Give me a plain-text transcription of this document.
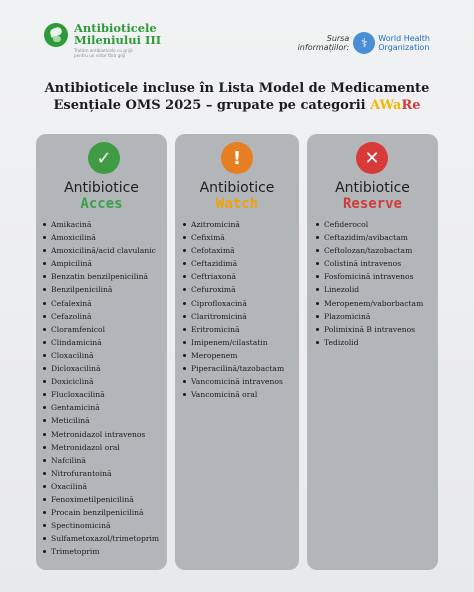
Antibioticele
Mileniului III
Tratăm antibioticele cu grijă pentru un viitor fără griji
Sursa
informațiilor: ⚕	World Health
Organization
Antibioticele incluse în Lista Model de Medicamente
Esențiale OMS 2025 – grupate pe categorii AWaRe
✓
Antibiotice
Acces
Amikacină
Amoxicilină
Amoxicilină/acid clavulanic
Ampicilină
Benzatin benzilpenicilină
Benzilpenicilină
Cefalexină
Cefazolină
Cloramfenicol
Clindamicină
Cloxacilină
Dicloxacilină
Doxiciclină
Flucloxacilină
Gentamicină
Meticilină
Metronidazol intravenos
Metronidazol oral
Nafcilină
Nitrofurantoină
Oxacilină
Fenoximetilpenicilină
Procain benzilpenicilină
Spectinomicină
Sulfametoxazol/trimetoprim
Trimetoprim
!
Antibiotice
Watch
Azitromicină
Cefiximă
Cefotaximă
Ceftazidimă
Ceftriaxonă
Cefuroximă
Ciprofloxacină
Claritromicină
Eritromicină
Imipenem/cilastatin
Meropenem
Piperacilină/tazobactam
Vancomicină intravenos
Vancomicină oral
✕
Antibiotice
Reserve
Cefiderocol
Ceftazidim/avibactam
Ceftolozan/tazobactam
Colistină intravenos
Fosfomicină intravenos
Linezolid
Meropenem/vaborbactam
Plazomicină
Polimixină B intravenos
Tedizolid
